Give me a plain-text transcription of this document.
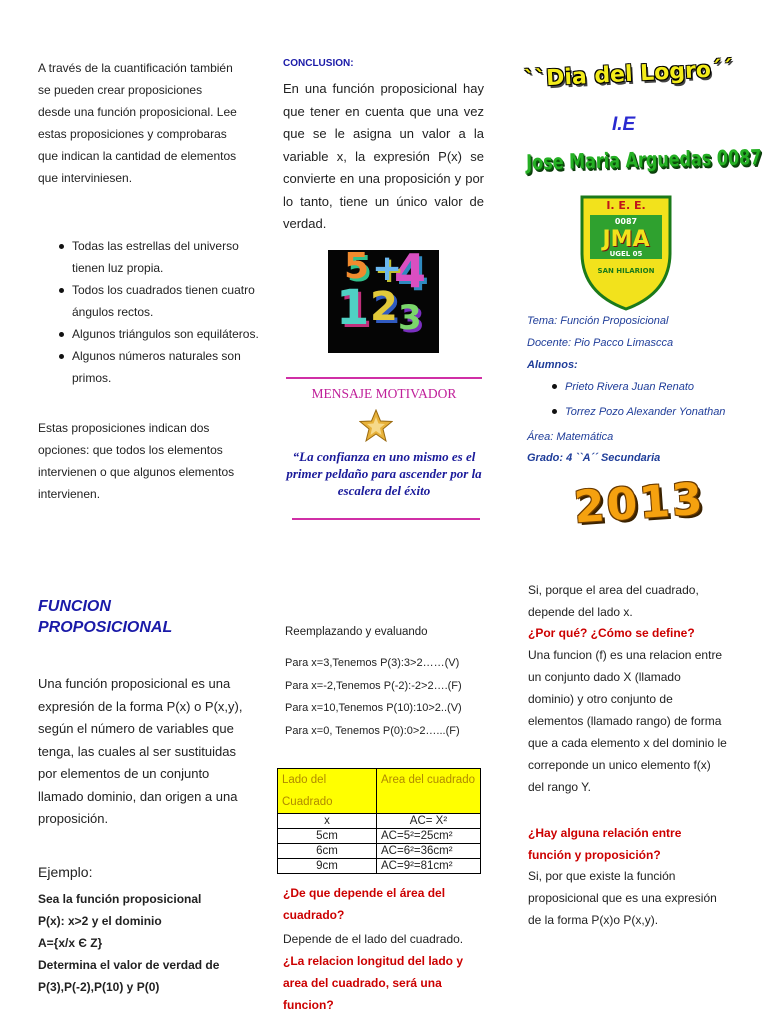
A través de la cuantificación también se pueden crear proposiciones desde una función proposicional. Lee estas proposiciones y comprobaras que indican la cantidad de elementos que interviniesen.
Todas las estrellas del universo tienen luz propia.
Todos los cuadrados tienen cuatro ángulos rectos.
Algunos triángulos son equiláteros.
Algunos números naturales son primos.
Estas proposiciones indican dos opciones: que todos los elementos intervienen o que algunos elementos intervienen.
CONCLUSION:
En una función proposicional hay que tener en cuenta que una vez que se le asigna un valor a la variable x, la expresión P(x) se convierte en una proposición y por lo tanto, tiene un único valor de verdad.
1 2 3
4
5 +
MENSAJE MOTIVADOR
“La confianza en uno mismo es el primer peldaño para ascender por la escalera del éxito
``Dia del Logro´´
I.E
Jose Maria Arguedas 0087
I. E. E.
0087
JMA
UGEL 05
SAN HILARION
Tema: Función Proposicional
Docente: Pio Pacco Limascca
Alumnos:
Prieto Rivera Juan Renato
Torrez Pozo Alexander Yonathan
Área: Matemática
Grado: 4 ``A´´ Secundaria
2013
FUNCION PROPOSICIONAL
Una función proposicional es una expresión de la forma P(x) o P(x,y), según el número de variables que tenga, las cuales al ser sustituidas por elementos de un conjunto llamado dominio, dan origen a una proposición.
Ejemplo:
Sea la función proposicional
P(x): x>2 y el dominio
A={x/x Є Z}
Determina el valor de verdad de
P(3),P(-2),P(10) y P(0)
Reemplazando y evaluando
Para x=3,Tenemos P(3):3>2……(V)
Para x=-2,Tenemos P(-2):-2>2….(F)
Para x=10,Tenemos P(10):10>2..(V)
Para x=0, Tenemos P(0):0>2…...(F)
Lado del Cuadrado	Area del cuadrado
x	AC= X²
5cm	AC=5²=25cm²
6cm	AC=6²=36cm²
9cm	AC=9²=81cm²
¿De que depende el área del cuadrado?
Depende de el lado del cuadrado.
¿La relacion longitud del lado y area del cuadrado, será una funcion?
Si, porque el area del cuadrado, depende del lado x.
¿Por qué? ¿Cómo se define?
Una funcion (f) es una relacion entre un conjunto dado X (llamado dominio) y otro conjunto de elementos (llamado rango) de forma que a cada elemento x del dominio le correponde un unico elemento f(x) del rango Y.
¿Hay alguna relación entre función y proposición?
Si, por que existe la función proposicional que es una expresión de la forma P(x)o P(x,y).
